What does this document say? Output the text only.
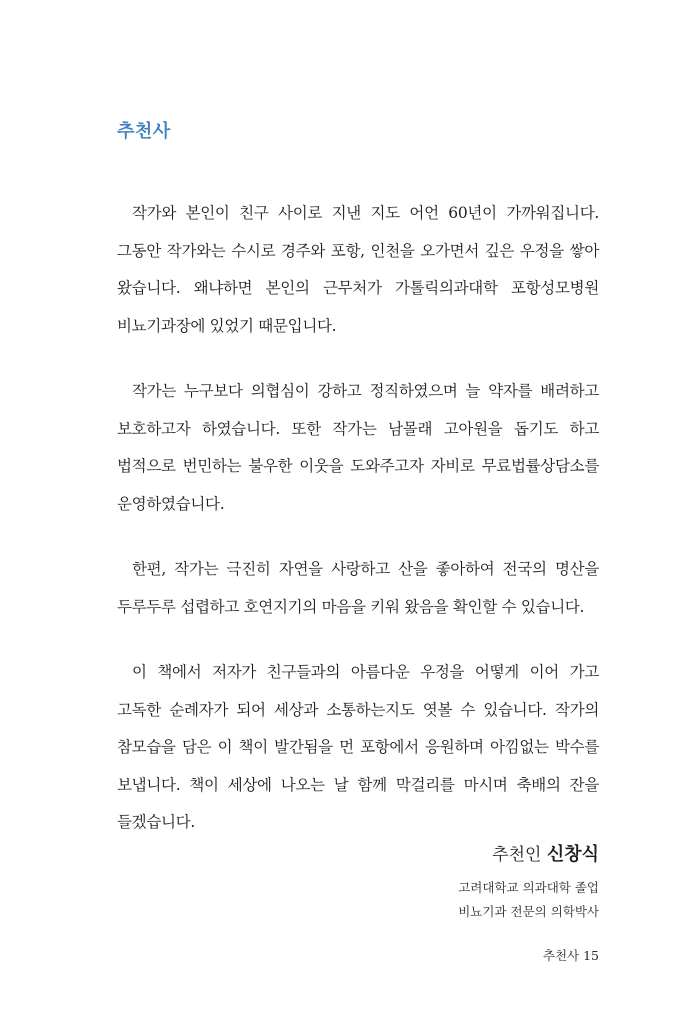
추천사

작가와 본인이 친구 사이로 지낸 지도 어언 60년이 가까워집니다. 그동안 작가와는 수시로 경주와 포항, 인천을 오가면서 깊은 우정을 쌓아 왔습니다. 왜냐하면 본인의 근무처가 가톨릭의과대학 포항성모병원 비뇨기과장에 있었기 때문입니다.

작가는 누구보다 의협심이 강하고 정직하였으며 늘 약자를 배려하고 보호하고자 하였습니다. 또한 작가는 남몰래 고아원을 돕기도 하고 법적으로 번민하는 불우한 이웃을 도와주고자 자비로 무료법률상담소를 운영하였습니다.

한편, 작가는 극진히 자연을 사랑하고 산을 좋아하여 전국의 명산을 두루두루 섭렵하고 호연지기의 마음을 키워 왔음을 확인할 수 있습니다.

이 책에서 저자가 친구들과의 아름다운 우정을 어떻게 이어 가고 고독한 순례자가 되어 세상과 소통하는지도 엿볼 수 있습니다. 작가의 참모습을 담은 이 책이 발간됨을 먼 포항에서 응원하며 아낌없는 박수를 보냅니다. 책이 세상에 나오는 날 함께 막걸리를 마시며 축배의 잔을 들겠습니다.

추천인 신창식
고려대학교 의과대학 졸업
비뇨기과 전문의 의학박사
추천사 15
